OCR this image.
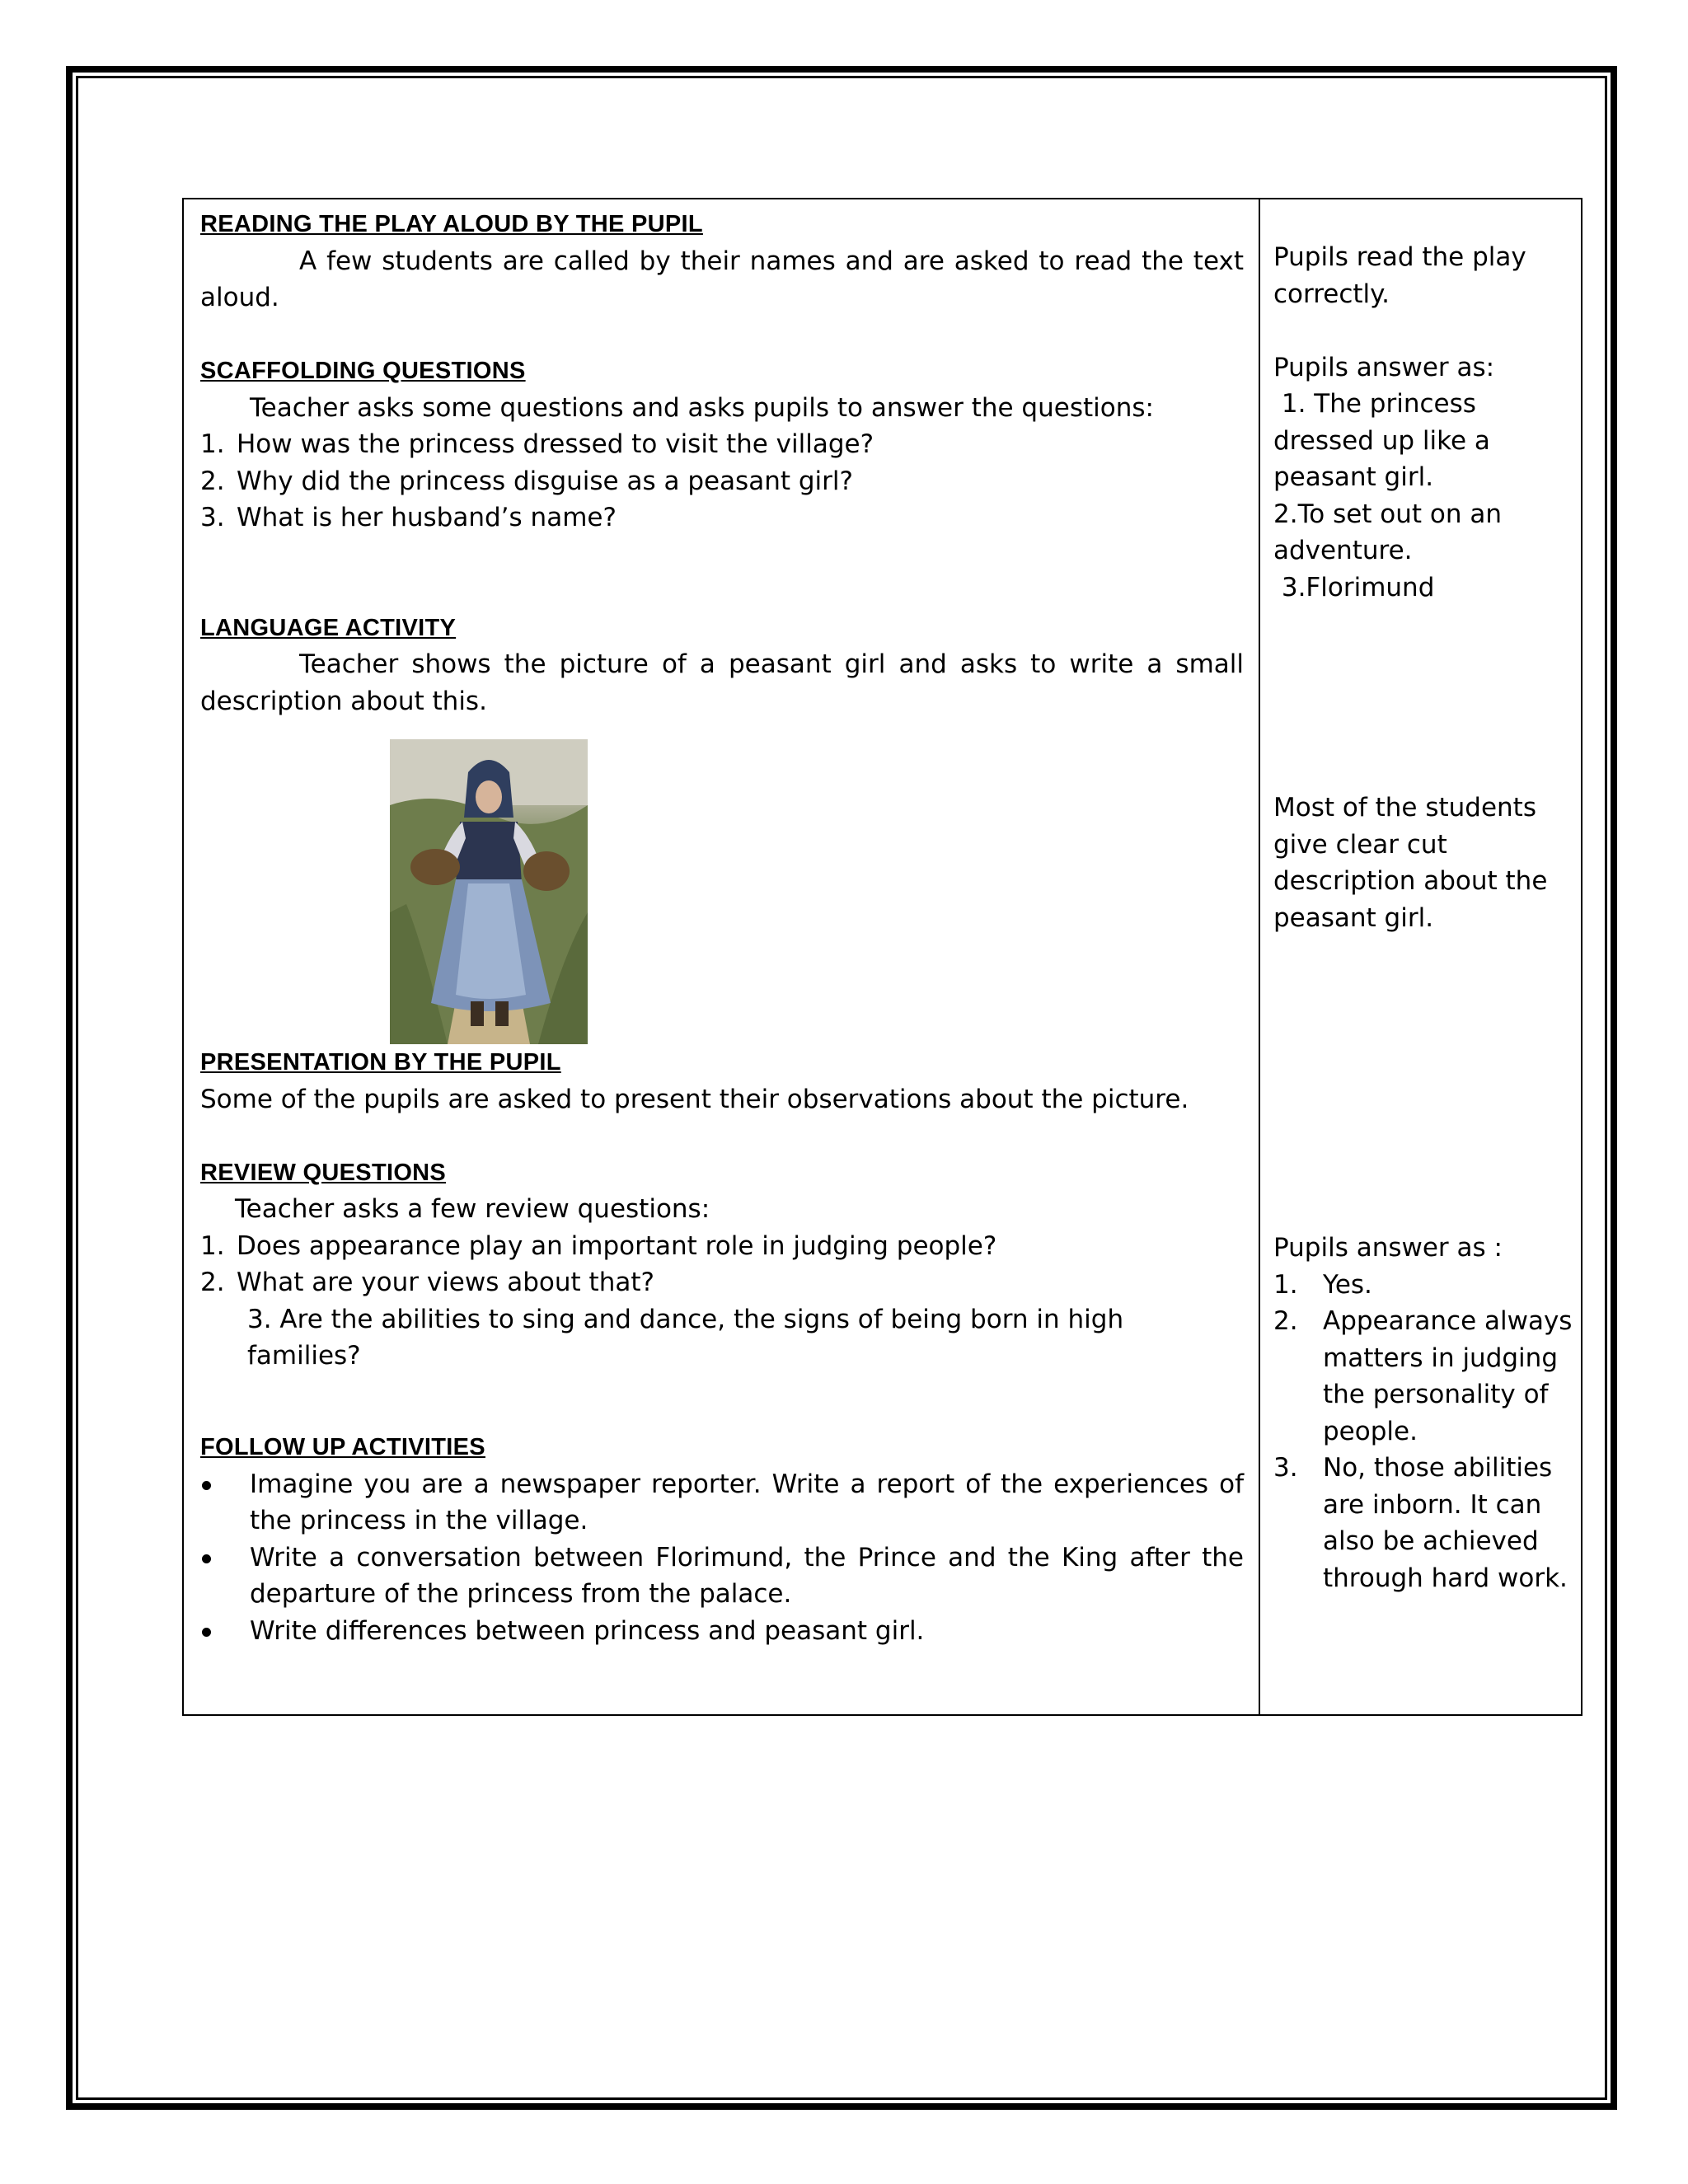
READING THE PLAY ALOUD BY THE PUPIL
A few students are called by their names and are asked to read the text aloud.
SCAFFOLDING QUESTIONS
Teacher asks some questions and asks pupils to answer the questions:
1. How was the princess dressed to visit the village?
2. Why did the princess disguise as a peasant girl?
3. What is her husband’s name?
LANGUAGE ACTIVITY
Teacher shows the picture of a peasant girl and asks to write a small description about this.
PRESENTATION BY THE PUPIL
Some of the pupils are asked to present their observations about the picture.
REVIEW QUESTIONS
Teacher asks a few review questions:
1. Does appearance play an important role in judging people?
2. What are your views about that?
3. Are the abilities to sing and dance, the signs of being born in high families?
FOLLOW UP ACTIVITIES
Imagine you are a newspaper reporter. Write a report of the experiences of the princess in the village.
Write a conversation between Florimund, the Prince and the King after the departure of the princess from the palace.
Write differences between princess and peasant girl.
Pupils read the play correctly.
Pupils answer as:
1. The princess dressed up like a peasant girl.
2.To set out on an adventure.
3.Florimund
Most of the students give clear cut description about the peasant girl.
Pupils answer as :
1. Yes.
2. Appearance always matters in judging the personality of people.
3. No, those abilities are inborn. It can also be achieved through hard work.
